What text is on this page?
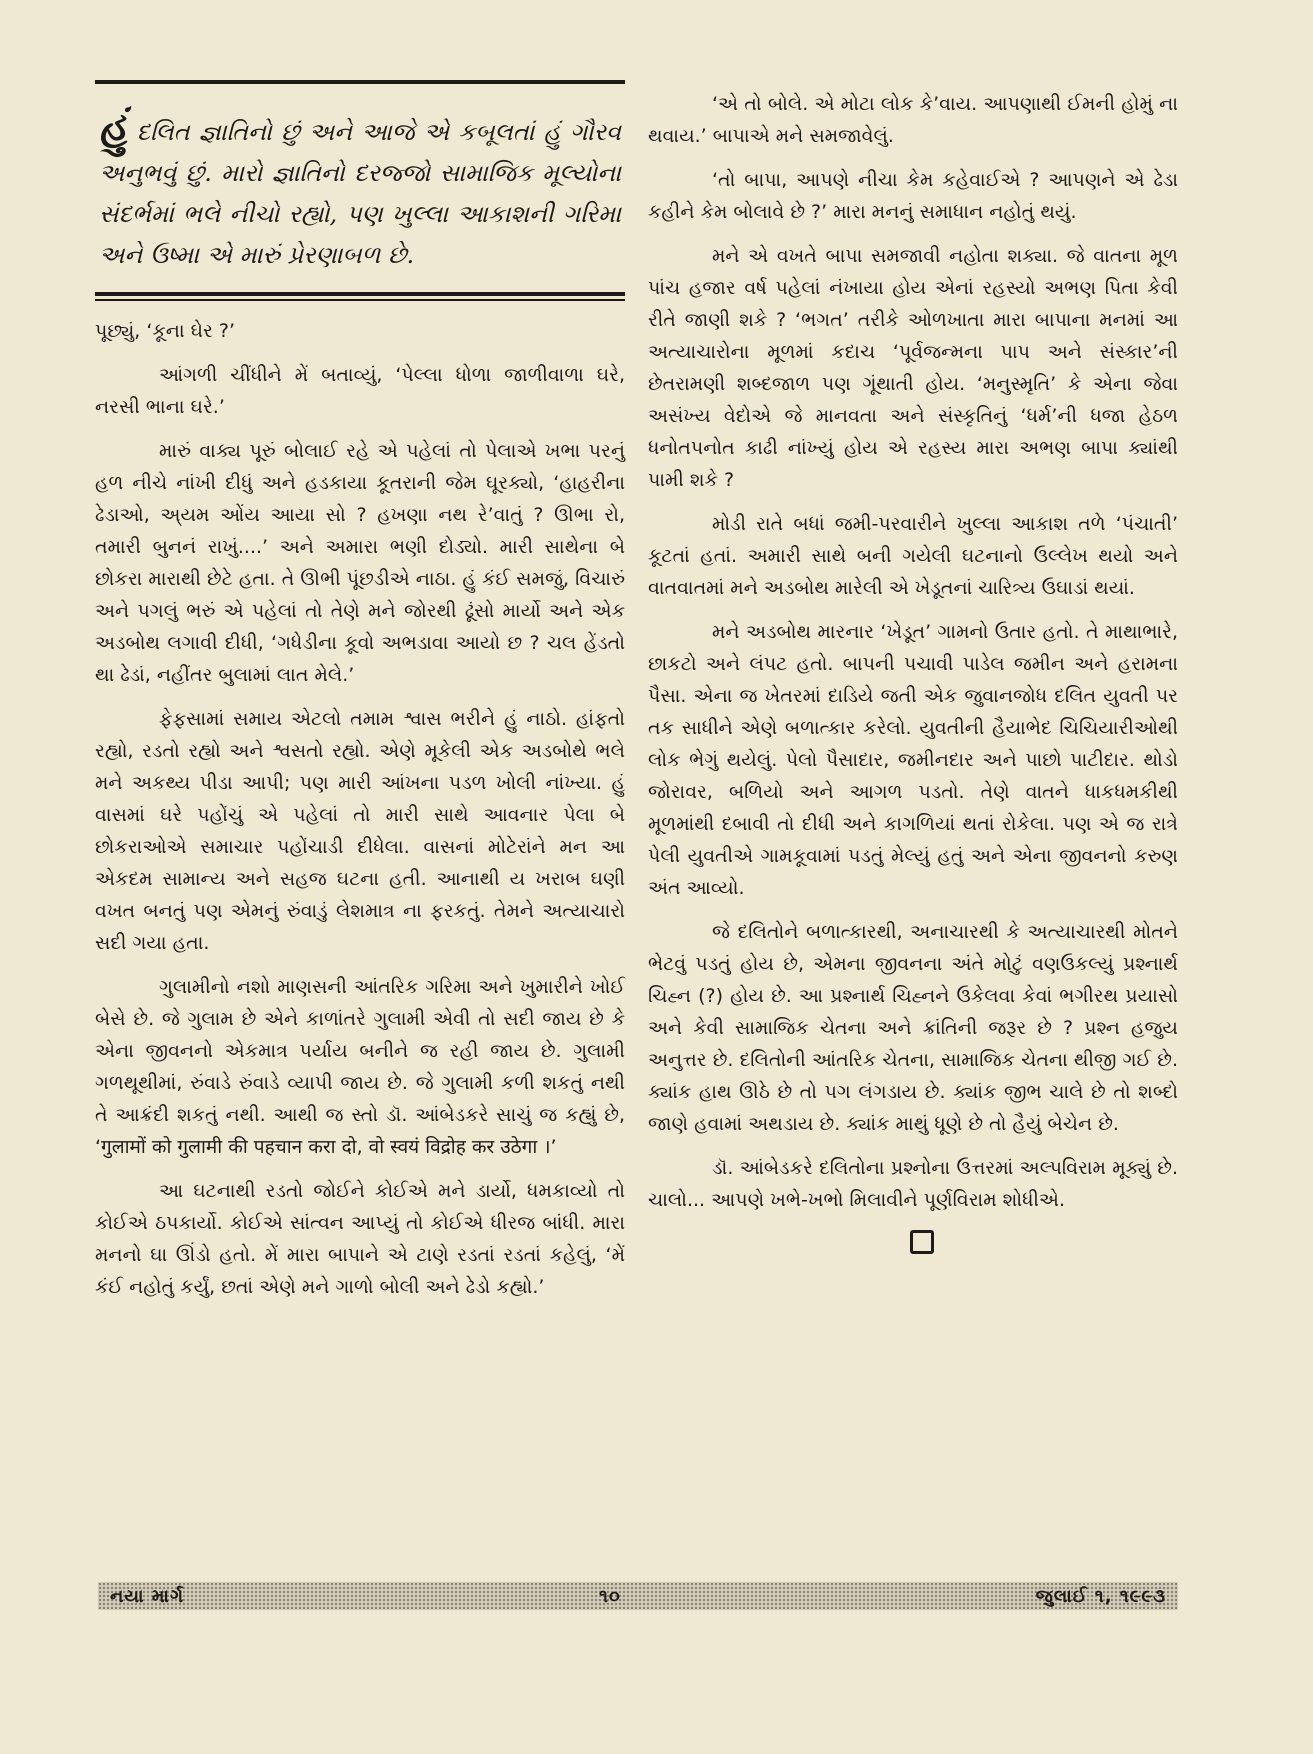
હું દલિત જ્ઞાતિનો છું અને આજે એ કબૂલતાં હું ગૌરવ અનુભવું છું. મારો જ્ઞાતિનો દરજ્જો સામાજિક મૂલ્યોના સંદર્ભમાં ભલે નીચો રહ્યો, પણ ખુલ્લા આકાશની ગરિમા અને ઉષ્મા એ મારું પ્રેરણાબળ છે.

પૂછ્યું, ‘કૂના ઘેર ?’

આંગળી ચીંધીને મેં બતાવ્યું, ‘પેલ્લા ધોળા જાળીવાળા ઘરે, નરસી ભાના ઘરે.’

મારું વાક્ય પૂરું બોલાઈ રહે એ પહેલાં તો પેલાએ ખભા પરનું હળ નીચે નાંખી દીધું અને હડકાયા કૂતરાની જેમ ઘૂરક્યો, ‘હાહરીના ઢેડાઓ, અ્યમ ઓંય આયા સો ? હખણા નથ રે’વાતું ? ઊભા રો, તમારી બુનનં રાખું....’ અને અમારા ભણી દોડ્યો. મારી સાથેના બે છોકરા મારાથી છેટે હતા. તે ઊભી પૂંછડીએ નાઠા. હું કંઈ સમજું, વિચારું અને પગલું ભરું એ પહેલાં તો તેણે મને જોરથી ઢૂંસો માર્યો અને એક અડબોથ લગાવી દીધી, ‘ગધેડીના કૂવો અભડાવા આયો છ ? ચલ હેંડતો થા ઢેડાં, નહીંતર બુલામાં લાત મેલે.’

ફેફસામાં સમાય એટલો તમામ શ્વાસ ભરીને હું નાઠો. હાંફતો રહ્યો, રડતો રહ્યો અને શ્વસતો રહ્યો. એણે મૂકેલી એક અડબોથે ભલે મને અકથ્ય પીડા આપી; પણ મારી આંખના પડળ ખોલી નાંખ્યા. હું વાસમાં ઘરે પહોંચું એ પહેલાં તો મારી સાથે આવનાર પેલા બે છોકરાઓએ સમાચાર પહોંચાડી દીધેલા. વાસનાં મોટેરાંને મન આ એકદમ સામાન્ય અને સહજ ઘટના હતી. આનાથી ય ખરાબ ઘણી વખત બનતું પણ એમનું રુંવાડું લેશમાત્ર ના ફરકતું. તેમને અત્યાચારો સદી ગયા હતા.

ગુલામીનો નશો માણસની આંતરિક ગરિમા અને ખુમારીને ખોઈ બેસે છે. જે ગુલામ છે એને કાળાંતરે ગુલામી એવી તો સદી જાય છે કે એના જીવનનો એકમાત્ર પર્યાય બનીને જ રહી જાય છે. ગુલામી ગળથૂથીમાં, રુંવાડે રુંવાડે વ્યાપી જાય છે. જે ગુલામી કળી શકતું નથી તે આક્રંદી શકતું નથી. આથી જ સ્તો ડૉ. આંબેડકરે સાચું જ કહ્યું છે, ‘गुलामों को गुलामी की पहचान करा दो, वो स्वयं विद्रोह कर उठेगा ।’

આ ઘટનાથી રડતો જોઈને કોઈએ મને ડાર્યો, ધમકાવ્યો તો કોઈએ ઠપકાર્યો. કોઈએ સાંત્વન આપ્યું તો કોઈએ ધીરજ બાંધી. મારા મનનો ઘા ઊંડો હતો. મેં મારા બાપાને એ ટાણે રડતાં રડતાં કહેલું, ‘મેં કંઈ નહોતું કર્યું, છતાં એણે મને ગાળો બોલી અને ઢેડો કહ્યો.’

‘એ તો બોલે. એ મોટા લોક કે’વાય. આપણાથી ઈમની હોમું ના થવાય.’ બાપાએ મને સમજાવેલું.

‘તો બાપા, આપણે નીચા કેમ કહેવાઈએ ? આપણને એ ઢેડા કહીને કેમ બોલાવે છે ?’ મારા મનનું સમાધાન નહોતું થયું.

મને એ વખતે બાપા સમજાવી નહોતા શક્યા. જે વાતના મૂળ પાંચ હજાર વર્ષ પહેલાં નંખાયા હોય એનાં રહસ્યો અભણ પિતા કેવી રીતે જાણી શકે ? ‘ભગત’ તરીકે ઓળખાતા મારા બાપાના મનમાં આ અત્યાચારોના મૂળમાં કદાચ ‘પૂર્વજન્મના પાપ અને સંસ્કાર’ની છેતરામણી શબ્દજાળ પણ ગૂંથાતી હોય. ‘મનુસ્મૃતિ’ કે એના જેવા અસંખ્ય વેદોએ જે માનવતા અને સંસ્કૃતિનું ‘ધર્મ’ની ધજા હેઠળ ધનોતપનોત કાઢી નાંખ્યું હોય એ રહસ્ય મારા અભણ બાપા ક્યાંથી પામી શકે ?

મોડી રાતે બધાં જમી-પરવારીને ખુલ્લા આકાશ તળે ‘પંચાતી’ કૂટતાં હતાં. અમારી સાથે બની ગયેલી ઘટનાનો ઉલ્લેખ થયો અને વાતવાતમાં મને અડબોથ મારેલી એ ખેડૂતનાં ચારિત્ર્ય ઉઘાડાં થયાં.

મને અડબોથ મારનાર ‘ખેડૂત’ ગામનો ઉતાર હતો. તે માથાભારે, છાકટો અને લંપટ હતો. બાપની પચાવી પાડેલ જમીન અને હરામના પૈસા. એના જ ખેતરમાં દાડિયે જતી એક જુવાનજોધ દલિત યુવતી પર તક સાધીને એણે બળાત્કાર કરેલો. યુવતીની હૈયાભેદ ચિચિયારીઓથી લોક ભેગું થયેલું. પેલો પૈસાદાર, જમીનદાર અને પાછો પાટીદાર. થોડો જોરાવર, બળિયો અને આગળ પડતો. તેણે વાતને ધાકધમકીથી મૂળમાંથી દબાવી તો દીધી અને કાગળિયાં થતાં રોકેલા. પણ એ જ રાત્રે પેલી યુવતીએ ગામકૂવામાં પડતું મેલ્યું હતું અને એના જીવનનો કરુણ અંત આવ્યો.

જે દલિતોને બળાત્કારથી, અનાચારથી કે અત્યાચારથી મોતને ભેટવું પડતું હોય છે, એમના જીવનના અંતે મોટું વણઉકલ્યું પ્રશ્નાર્થ ચિહ્ન (?) હોય છે. આ પ્રશ્નાર્થ ચિહ્નને ઉકેલવા કેવાં ભગીરથ પ્રયાસો અને કેવી સામાજિક ચેતના અને ક્રાંતિની જરૂર છે ? પ્રશ્ન હજુય અનુત્તર છે. દલિતોની આંતરિક ચેતના, સામાજિક ચેતના થીજી ગઈ છે. ક્યાંક હાથ ઊઠે છે તો પગ લંગડાય છે. ક્યાંક જીભ ચાલે છે તો શબ્દો જાણે હવામાં અથડાય છે. ક્યાંક માથું ધૂણે છે તો હૈયું બેચેન છે.

ડૉ. આંબેડકરે દલિતોના પ્રશ્નોના ઉત્તરમાં અલ્પવિરામ મૂક્યું છે. ચાલો... આપણે ખભે-ખભો મિલાવીને પૂર્ણવિરામ શોધીએ.

નયા માર્ગ	૧૦	જુલાઈ ૧, ૧૯૯૩
